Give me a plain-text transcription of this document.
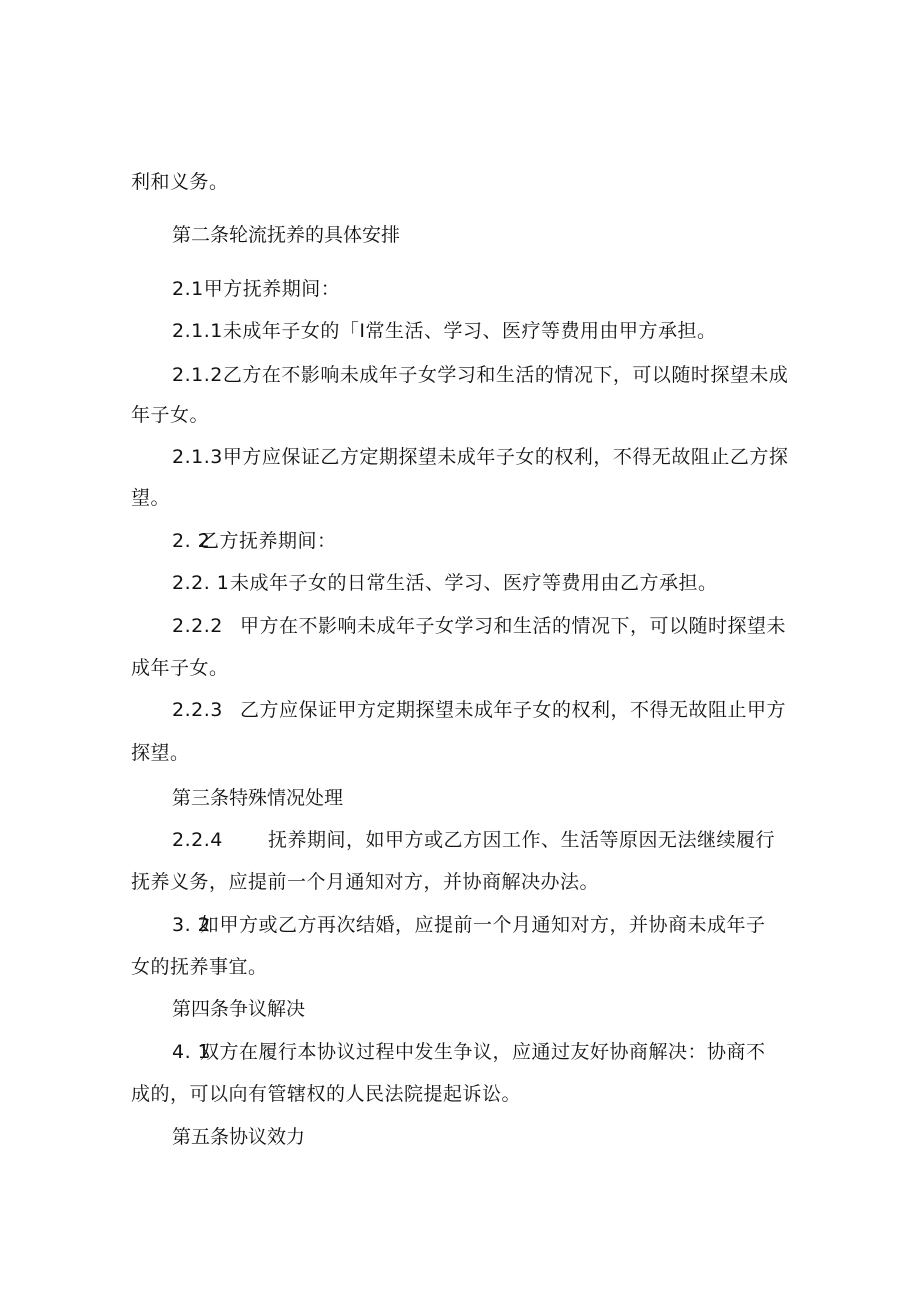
利和义务。
第二条轮流抚养的具体安排
2.1甲方抚养期间：
2.1.1未成年子女的「I常生活、学习、医疗等费用由甲方承担。
2.1.2乙方在不影响未成年子女学习和生活的情况下，可以随时探望未成
年子女。
2.1.3甲方应保证乙方定期探望未成年子女的权利，不得无故阻止乙方探
望。
2. 2乙方抚养期间：
2.2. 1未成年子女的日常生活、学习、医疗等费用由乙方承担。
2.2.2 甲方在不影响未成年子女学习和生活的情况下，可以随时探望未
成年子女。
2.2.3 乙方应保证甲方定期探望未成年子女的权利，不得无故阻止甲方
探望。
第三条特殊情况处理
2.2.4 抚养期间，如甲方或乙方因工作、生活等原因无法继续履行
抚养义务，应提前一个月通知对方，并协商解决办法。
3. 2如甲方或乙方再次结婚，应提前一个月通知对方，并协商未成年子
女的抚养事宜。
第四条争议解决
4. 1双方在履行本协议过程中发生争议，应通过友好协商解决：协商不
成的，可以向有管辖权的人民法院提起诉讼。
第五条协议效力
